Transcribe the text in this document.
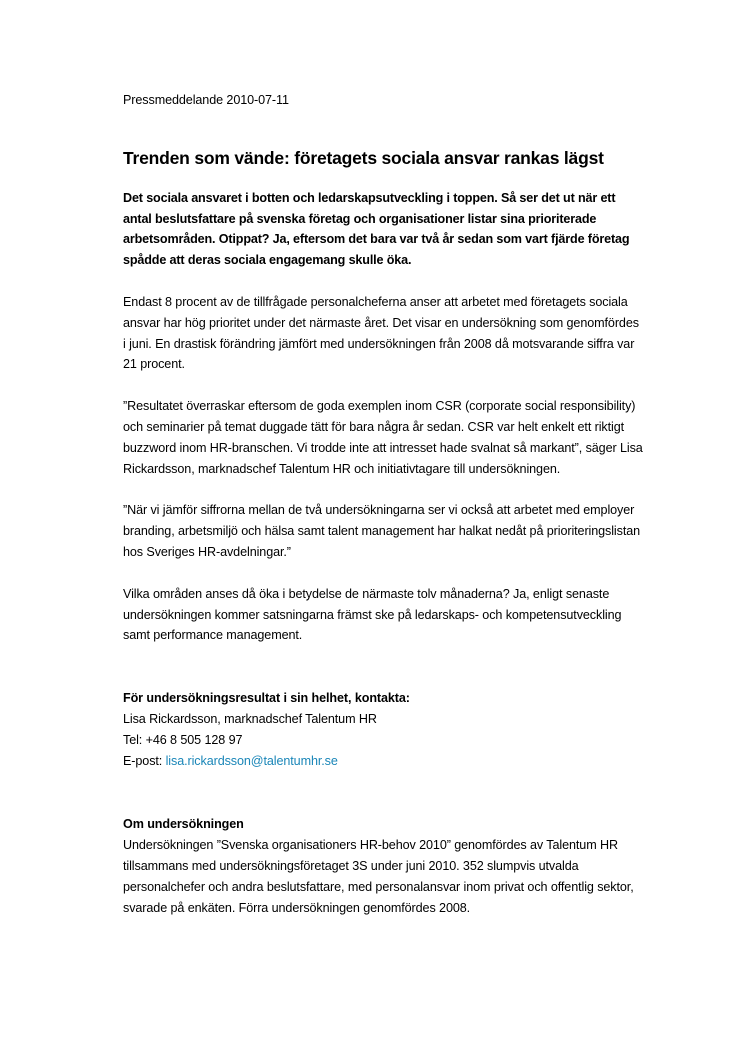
Pressmeddelande 2010-07-11

Trenden som vände: företagets sociala ansvar rankas lägst

Det sociala ansvaret i botten och ledarskapsutveckling i toppen. Så ser det ut när ett antal beslutsfattare på svenska företag och organisationer listar sina prioriterade arbetsområden. Otippat? Ja, eftersom det bara var två år sedan som vart fjärde företag spådde att deras sociala engagemang skulle öka.

Endast 8 procent av de tillfrågade personalcheferna anser att arbetet med företagets sociala ansvar har hög prioritet under det närmaste året. Det visar en undersökning som genomfördes i juni. En drastisk förändring jämfört med undersökningen från 2008 då motsvarande siffra var 21 procent.

”Resultatet överraskar eftersom de goda exemplen inom CSR (corporate social responsibility) och seminarier på temat duggade tätt för bara några år sedan. CSR var helt enkelt ett riktigt buzzword inom HR-branschen. Vi trodde inte att intresset hade svalnat så markant”, säger Lisa Rickardsson, marknadschef Talentum HR och initiativtagare till undersökningen.

”När vi jämför siffrorna mellan de två undersökningarna ser vi också att arbetet med employer branding, arbetsmiljö och hälsa samt talent management har halkat nedåt på prioriteringslistan hos Sveriges HR-avdelningar.”

Vilka områden anses då öka i betydelse de närmaste tolv månaderna? Ja, enligt senaste undersökningen kommer satsningarna främst ske på ledarskaps- och kompetensutveckling samt performance management.

För undersökningsresultat i sin helhet, kontakta:
Lisa Rickardsson, marknadschef Talentum HR
Tel: +46 8 505 128 97
E-post: lisa.rickardsson@talentumhr.se
Om undersökningen
Undersökningen ”Svenska organisationers HR-behov 2010” genomfördes av Talentum HR tillsammans med undersökningsföretaget 3S under juni 2010. 352 slumpvis utvalda personalchefer och andra beslutsfattare, med personalansvar inom privat och offentlig sektor, svarade på enkäten. Förra undersökningen genomfördes 2008.
